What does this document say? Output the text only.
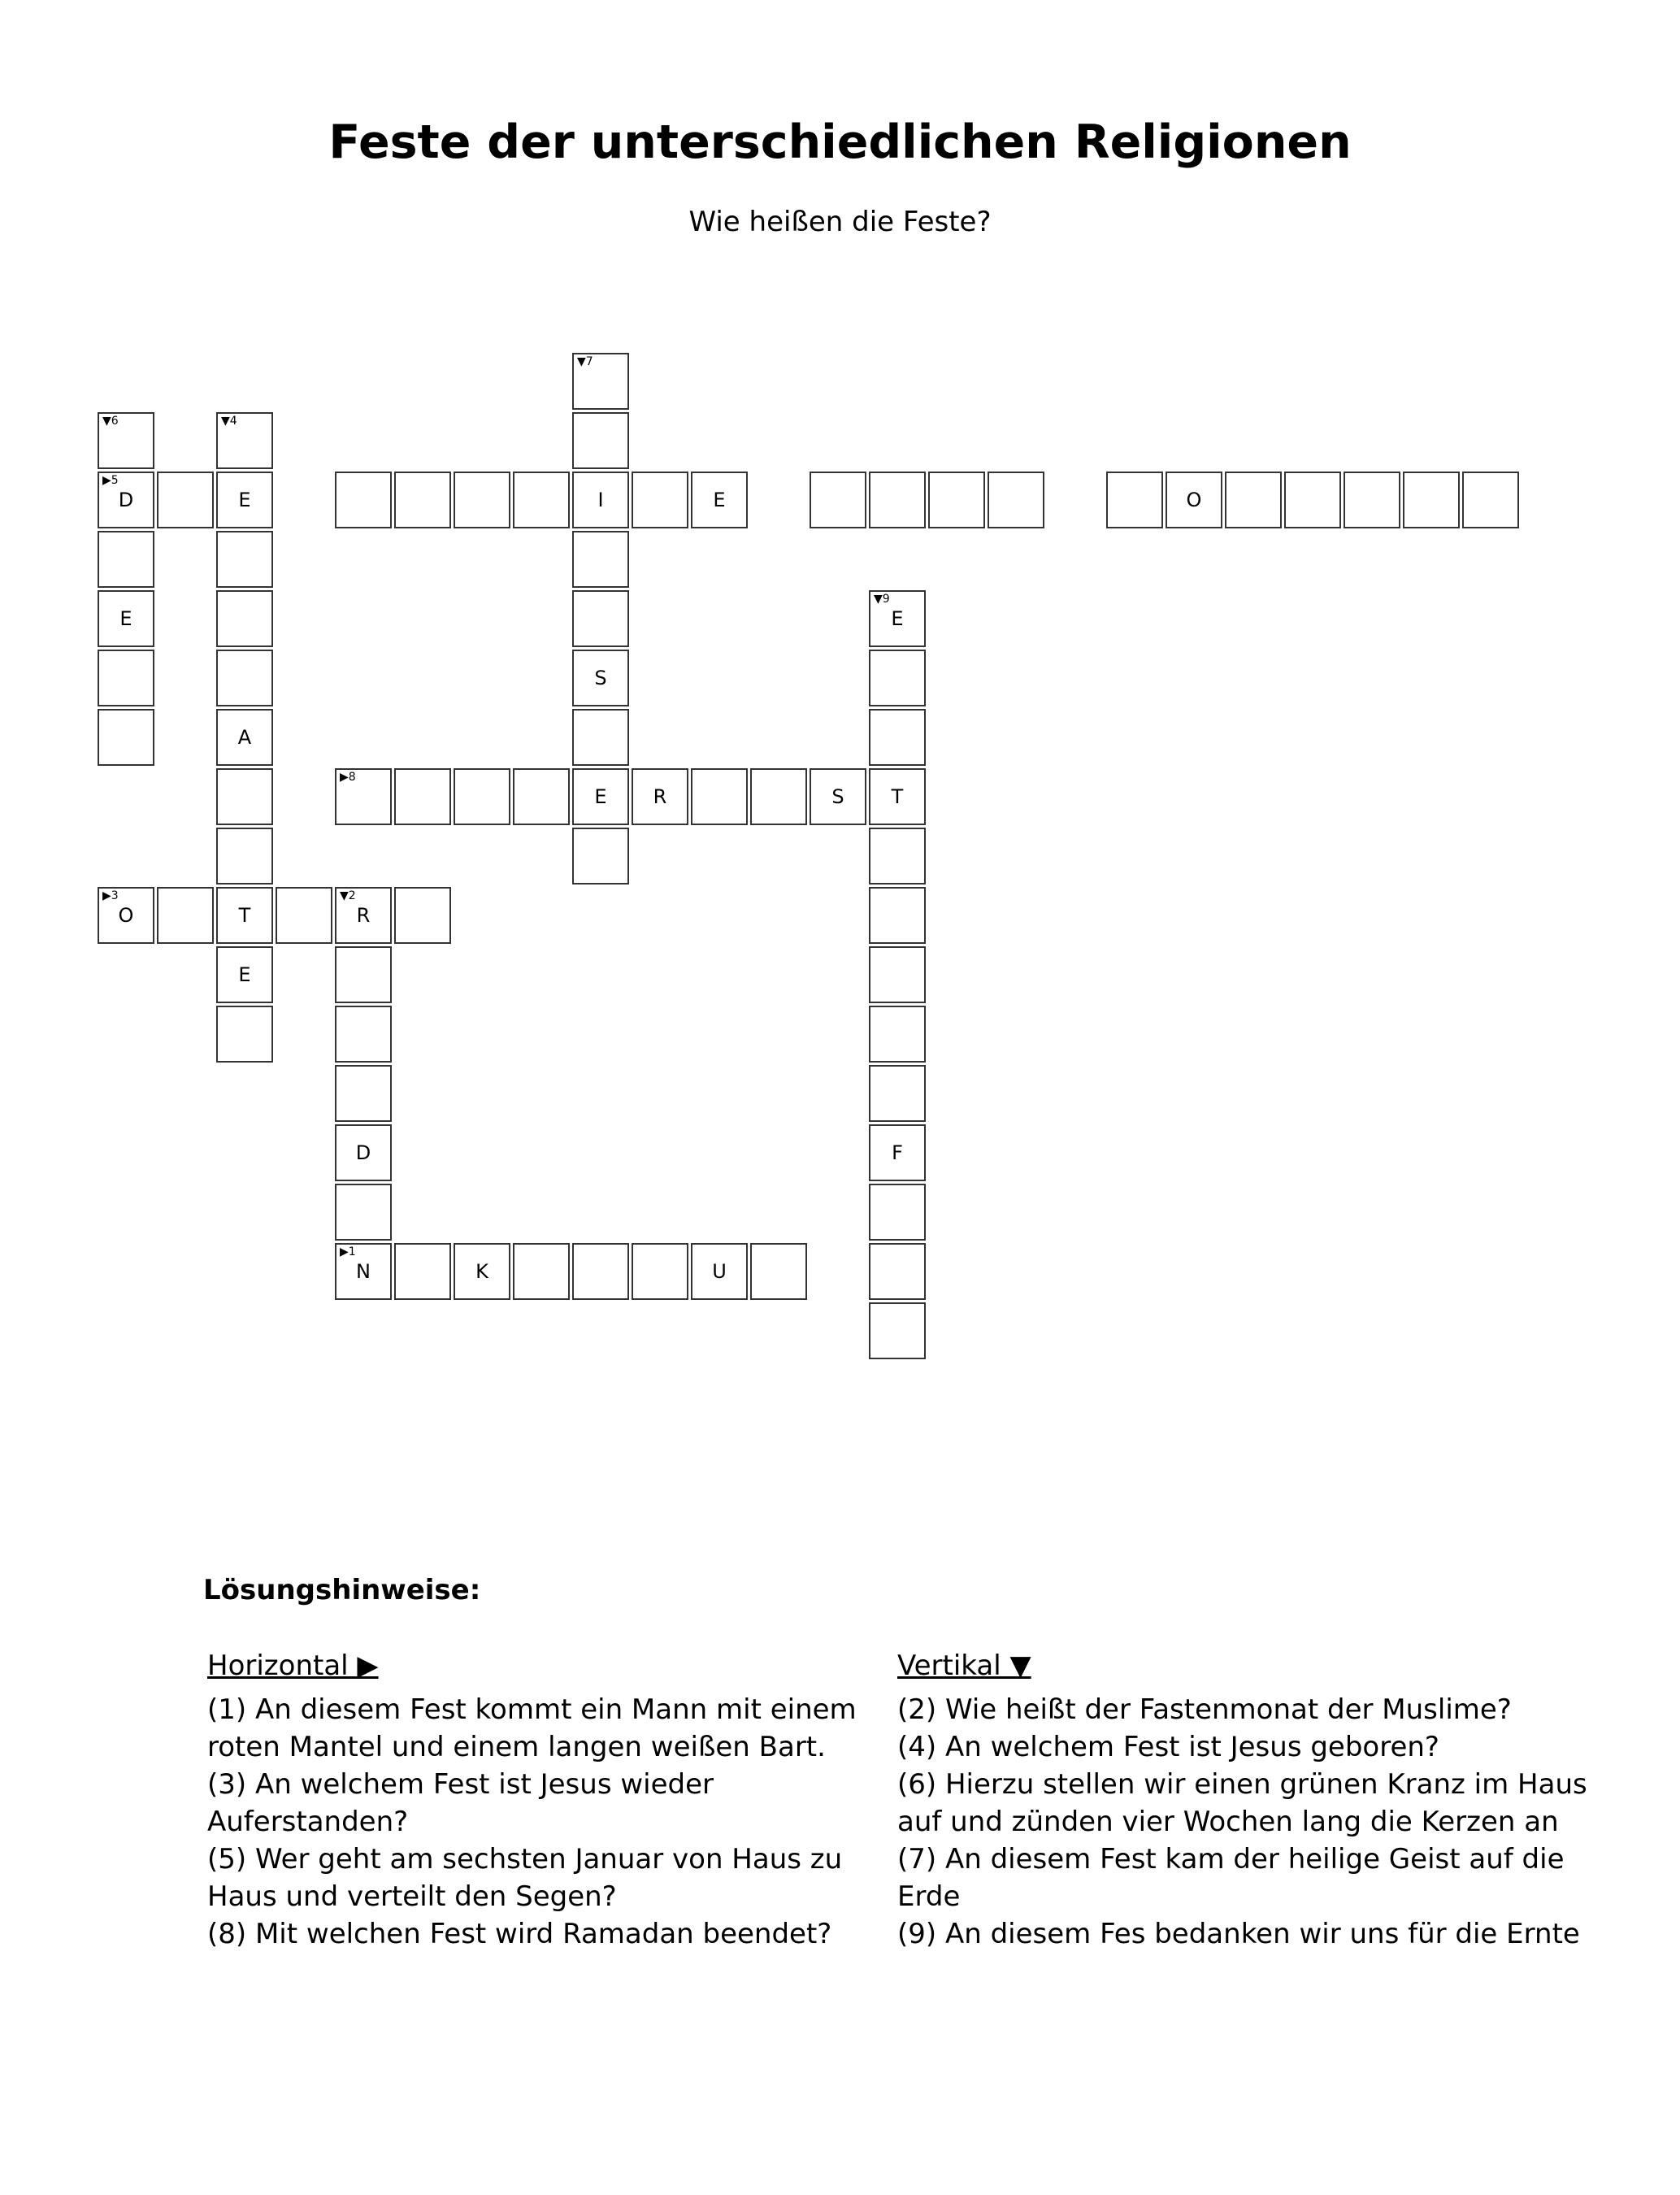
Feste der unterschiedlichen Religionen

Wie heißen die Feste?

▼7
▼6	▼4
▶5
D	E	I	E	O
E
▼9
E
S
A
▶8
E	R	S	T
▶3
O	T
▼2
R
E
D	F
▶1
N	K	U
Lösungshinweise:

Horizontal ▶

(1) An diesem Fest kommt ein Mann mit einem roten Mantel und einem langen weißen Bart.

(3) An welchem Fest ist Jesus wieder Auferstanden?

(5) Wer geht am sechsten Januar von Haus zu Haus und verteilt den Segen?

(8) Mit welchen Fest wird Ramadan beendet?

Vertikal ▼

(2) Wie heißt der Fastenmonat der Muslime?

(4) An welchem Fest ist Jesus geboren?

(6) Hierzu stellen wir einen grünen Kranz im Haus auf und zünden vier Wochen lang die Kerzen an

(7) An diesem Fest kam der heilige Geist auf die Erde

(9) An diesem Fes bedanken wir uns für die Ernte
